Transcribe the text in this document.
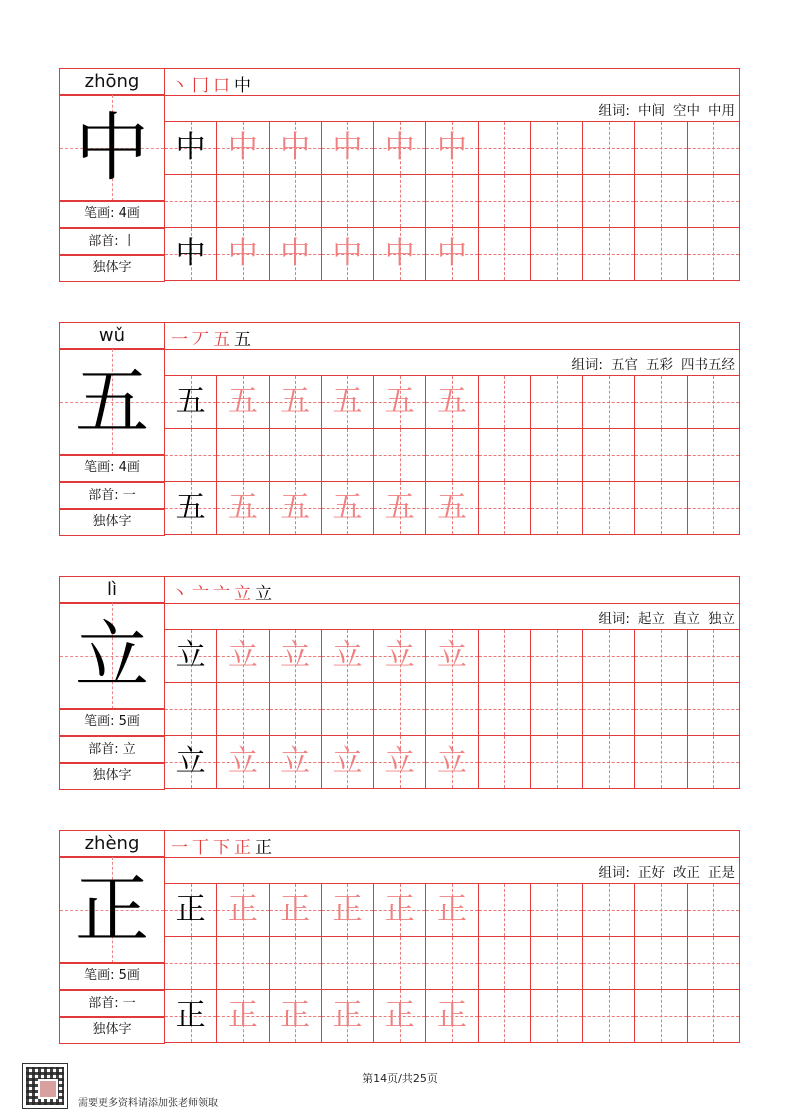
zhōng
中
笔画: 4画
部首: 丨
独体字
丶冂口中
组词: 中间 空中 中用
中 中 中 中 中 中
中 中 中 中 中 中
wǔ
五
笔画: 4画
部首: 一
独体字
一丆五五
组词: 五官 五彩 四书五经
五 五 五 五 五 五
五 五 五 五 五 五
lì
立
笔画: 5画
部首: 立
独体字
丶亠亠立立
组词: 起立 直立 独立
立 立 立 立 立 立
立 立 立 立 立 立
zhèng
正
笔画: 5画
部首: 一
独体字
一丅下正正
组词: 正好 改正 正是
正 正 正 正 正 正
正 正 正 正 正 正
第14页/共25页
需要更多资料请添加张老师领取
